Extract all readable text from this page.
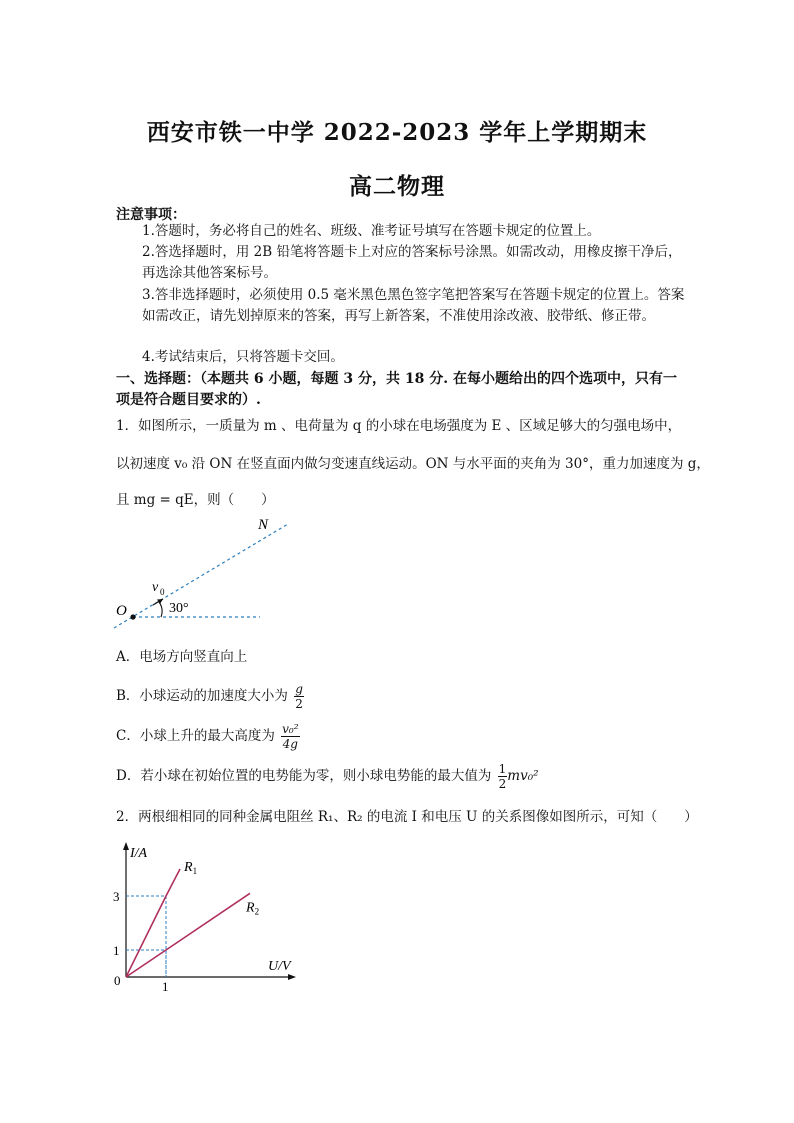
西安市铁一中学 2022-2023 学年上学期期末
高二物理
注意事项：
1.答题时，务必将自己的姓名、班级、准考证号填写在答题卡规定的位置上。
2.答选择题时，用 2B 铅笔将答题卡上对应的答案标号涂黑。如需改动，用橡皮擦干净后，再选涂其他答案标号。
3.答非选择题时，必须使用 0.5 毫米黑色黑色签字笔把答案写在答题卡规定的位置上。答案如需改正，请先划掉原来的答案，再写上新答案，不准使用涂改液、胶带纸、修正带。
4.考试结束后，只将答题卡交回。
一、选择题：（本题共 6 小题，每题 3 分，共 18 分. 在每小题给出的四个选项中，只有一项是符合题目要求的）.
1．如图所示，一质量为 m 、电荷量为 q 的小球在电场强度为 E 、区域足够大的匀强电场中，
以初速度 v₀ 沿 ON 在竖直面内做匀变速直线运动。ON 与水平面的夹角为 30°，重力加速度为 g，
且 mg = qE，则（　　）
N
O
v 0
30°
A．电场方向竖直向上
B．小球运动的加速度大小为 $\frac{g}{2}$
C．小球上升的最大高度为 $\frac{\text{v₀²}}{4g}$
D．若小球在初始位置的电势能为零，则小球电势能的最大值为 $\frac{1}{2} mv_0^2$
2．两根细相同的同种金属电阻丝 R₁、R₂ 的电流 I 和电压 U 的关系图像如图所示，可知（　　）
$R_1$
$R_2$
1
3
1
I/A
U/V
0
